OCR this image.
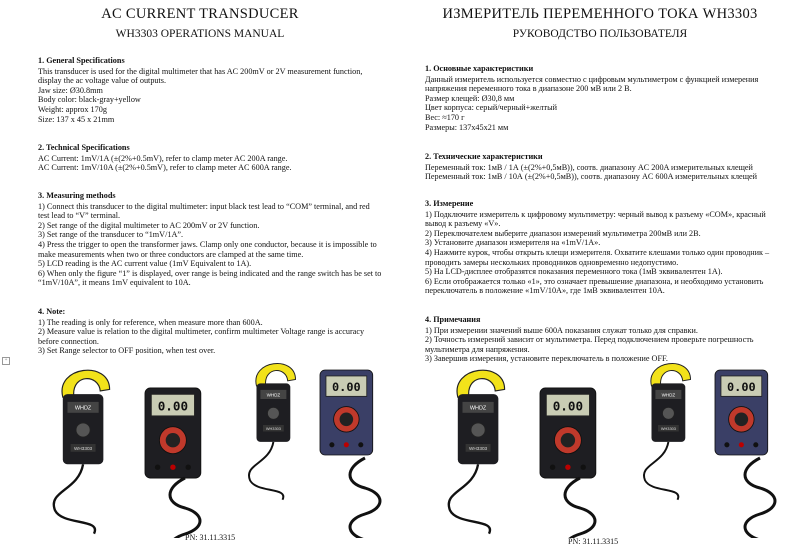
AC CURRENT TRANSDUCER
WH3303 OPERATIONS MANUAL
1. General Specifications

This transducer is used for the digital multimeter that has AC 200mV or 2V measurement function, display the ac voltage value of outputs.

Jaw size: Ø30.8mm

Body color: black-gray+yellow

Weight: approx 170g

Size: 137 x 45 x 21mm

2. Technical Specifications

AC Current: 1mV/1A (±(2%+0.5mV), refer to clamp meter AC 200A range.

AC Current: 1mV/10A (±(2%+0.5mV), refer to clamp meter AC 600A range.

3. Measuring methods

1) Connect this transducer to the digital multimeter: input black test lead to “COM” terminal, and red test lead to “V” terminal.

2) Set range of the digital multimeter to AC 200mV or 2V function.

3) Set range of the transducer to “1mV/1A”.

4) Press the trigger to open the transformer jaws. Clamp only one conductor, because it is impossible to make measurements when two or three conductors are clamped at the same time.

5) LCD reading is the AC current value (1mV Equivalent to 1A).

6) When only the figure “1” is displayed, over range is being indicated and the range switch has be set to “1mV/10A”, it means 1mV equivalent to 10A.

4. Note:

1) The reading is only for reference, when measure more than 600A.

2) Measure value is relation to the digital multimeter, confirm multimeter Voltage range is accuracy before connection.

3) Set Range selector to OFF position, when test over.

+
WHDZ
WH3303
0.00
WHDZ
WH3303
0.00
PN: 31.11.3315
ИЗМЕРИТЕЛЬ ПЕРЕМЕННОГО ТОКА WH3303
РУКОВОДСТВО ПОЛЬЗОВАТЕЛЯ
1. Основные характеристики

Данный измеритель используется совместно с цифровым мультиметром с функцией измерения напряжения переменного тока в диапазоне 200 мВ или 2 В.

Размер клещей: Ø30,8 мм

Цвет корпуса: серый/черный+желтый

Вес: ≈170 г

Размеры: 137x45x21 мм

2. Технические характеристики

Переменный ток: 1мВ / 1А (±(2%+0,5мВ)), соотв. диапазону AC 200A измерительных клещей

Переменный ток: 1мВ / 10А (±(2%+0,5мВ)), соотв. диапазону AC 600A измерительных клещей

3. Измерение

1) Подключите измеритель к цифровому мультиметру: черный вывод к разъему «COM», красный вывод к разъему «V».

2) Переключателем выберите диапазон измерений мультиметра 200мВ или 2В.

3) Установите диапазон измерителя на «1mV/1A».

4) Нажмите курок, чтобы открыть клещи измерителя. Охватите клешами только один проводник – проводить замеры нескольких проводников одновременно недопустимо.

5) На LCD-дисплее отобразятся показания переменного тока (1мВ эквивалентен 1А).

6) Если отображается только «1», это означает превышение диапазона, и необходимо установить переключатель в положение «1mV/10A», где 1мВ эквивалентен 10А.

4. Примечания

1) При измерении значений выше 600А показания служат только для справки.

2) Точность измерений зависит от мультиметра. Перед подключением проверьте погрешность мультиметра для напряжения.

3) Завершив измерения, установите переключатель в положение OFF.

WHDZ
WH3303
0.00
WHDZ
WH3303
0.00
PN: 31.11.3315
